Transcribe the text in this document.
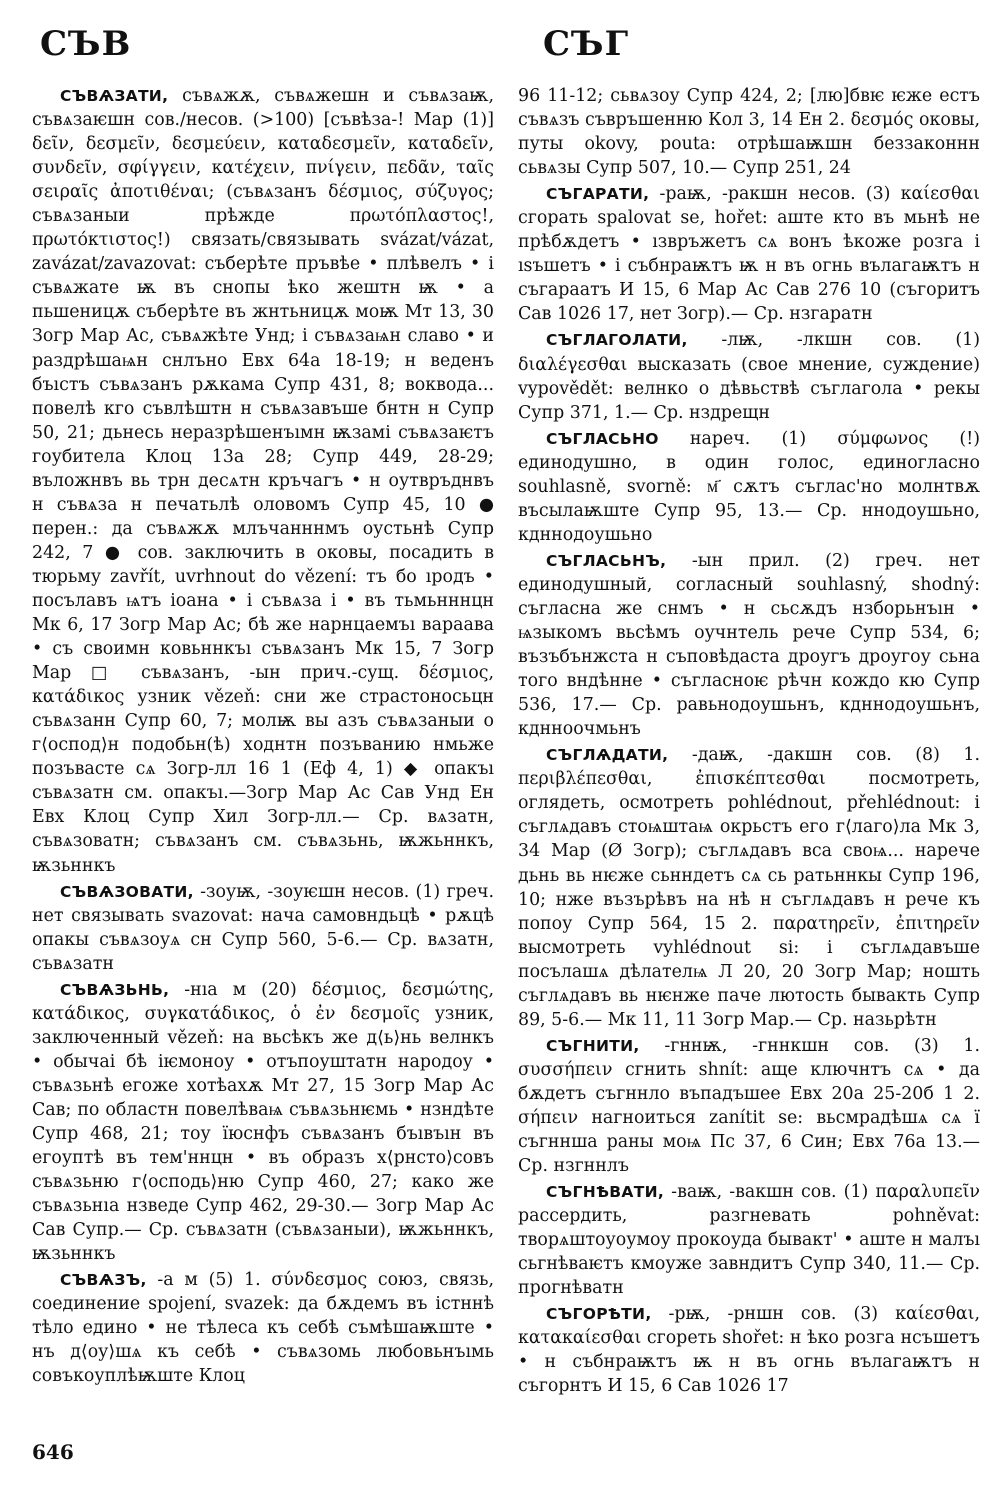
СЪВ	СЪГ

СЪВѦЗАТИ, съвѧжѫ, съвѧжешн и съвѧзаѭ, съвѧзаѥшн сов./несов. (>100) [съвѣза-! Мар (1)] δεῖν, δεσμεῖν, δεσμεύειν, καταδεσμεῖν, καταδεῖν, συνδεῖν, σφίγγειν, κατέχειν, πνίγειν, πεδᾶν, ταῖς σειραῖς ἀποτιθέναι; (съвѧзанъ δέσμιος, σύζυγος; съвѧзаныи прѣжде πρωτόπλαστος!, πρωτόκτιστος!) связать/связывать svázat/vázat, zavázat/zavazovat: съберѣте пръвѣе • плѣвелъ • і съвѧжате ѭ въ снопы ѣко жештн ѭ • а пьшеницѫ съберѣте въ жнтьницѫ моѭ Мт 13, 30 Зогр Мар Ас, съвѧжѣте Унд; і съвѧзаѩн славо • и раздрѣшаѩн снлъно Евх 64а 18-19; н веденъ бъıстъ съвѧзанъ рѫкама Супр 431, 8; вокводa... повелѣ кго съвлѣштн н съвѧзавъше бнтн н Супр 50, 21; дьнесь неразрѣшенъıмн ѭзамі съвѧзаѥтъ гоубитела Клоц 13а 28; Супр 449, 28-29; въложнвъ вь трн десѧтн кръчагъ • н оутвръднвъ н съвѧза н печатьлѣ оловомъ Супр 45, 10 ● перен.: да съвѧжѫ млъчанннмъ оустьнѣ Супр 242, 7 ● сов. заключить в оковы, посадить в тюрьму zavřít, uvrhnout do vězení: тъ бо ıродъ • посълавъ ѩтъ іоана • і съвѧза і • въ тьмьнннцн Мк 6, 17 Зогр Мар Ас; бѣ же нарнцаемъı вараава • съ своимн ковьннкъı съвѧзанъ Мк 15, 7 Зогр Мар □ съвѧзанъ, -ын прич.-сущ. δέσμιος, κατάδικος узник vězeň: сни же страстоносьцн съвѧзанн Супр 60, 7; молѭ вы азъ съвѧзаныи о г⟨оспод⟩н подобьн(ѣ) ходнтн позъванию нмьже позъвасте сѧ Зогр-лл 16 1 (Еф 4, 1) ◆ опакъı съвѧзатн см. опакъı.—Зогр Мар Ас Сав Унд Ен Евх Клоц Супр Хил Зогр-лл.— Ср. вѧзатн, съвѧзоватн; съвѧзанъ см. съвѧзьнь, ѭжьннкъ, ѭзьннкъ

СЪВѦЗОВАТИ, -зоуѭ, -зоуѥшн несов. (1) греч. нет связывать svazovat: нача самовндьцѣ • рѫцѣ опакы съвѧзоуѧ сн Супр 560, 5-6.— Ср. вѧзатн, съвѧзатн

СЪВѦЗЬНЬ, -нıа м (20) δέσμιος, δεσμώτης, κατάδικος, συγκατάδικος, ὁ ἐν δεσμοῖς узник, заключенный vězeň: на вьсѣкъ же д⟨ь⟩нь велнкъ • обычаі бѣ іѥмоноу • отъпоуштатн народоу • съвѧзьнѣ егоже хотѣахѫ Мт 27, 15 Зогр Мар Ас Сав; по областн повелѣваѩ съвѧзьнѥмь • нзндѣте Супр 468, 21; тоу ïюснфъ съвѧзанъ бъıвъıн въ егоуптѣ въ тем'ннцн • въ образъ х⟨рнсто⟩совъ съвѧзьню г⟨осподь⟩ню Супр 460, 27; како же съвѧзьнıа нзведе Супр 462, 29-30.— Зогр Мар Ас Сав Супр.— Ср. съвѧзатн (съвѧзаныи), ѭжьннкъ, ѭзьннкъ

СЪВѦЗЪ, -а м (5) 1. σύνδεσμος союз, связь, соединение spojení, svazek: да бѫдемъ въ істннѣ тѣло едино • не тѣлеса къ себѣ съмѣшаѭште • нъ д⟨оу⟩шѧ къ себѣ • съвѧзомь любовьнъıмь совъкоуплѣѭште Клоц

96 11-12; сьвѧзоу Супр 424, 2; [лю]бвѥ ѥже естъ съвѧзъ съвръшенню Кол 3, 14 Ен 2. δεσμός оковы, путы okovy, pouta: отрѣшаѭшн беззаконнн сьвѧзы Супр 507, 10.— Супр 251, 24

СЪГАРАТИ, -раѭ, -ракшн несов. (3) καίεσθαι сгорать spalovat se, hořet: аште кто въ мьнѣ не прѣбѫдетъ • ıзвръжетъ сѧ вонъ ѣкоже розга і ısъшетъ • і събнраѭтъ ѭ н въ огнь вълагаѭтъ н съгараатъ И 15, 6 Мар Ас Сав 276 10 (съгоритъ Сав 1026 17, нет Зогр).— Ср. нзгаратн

СЪГЛАГОЛАТИ, -лѭ, -лкшн сов. (1) διαλέγεσθαι высказать (свое мнение, суждение) vypovědět: велнко о дѣвьствѣ съглагола • рекы Супр 371, 1.— Ср. нздрещн

СЪГЛАСЬНО нареч. (1) σύμφωνος (!) единодушно, в один голос, единогласно souhlasně, svorně: м҃ сѫтъ съглас'но молнтвѫ въсылаѭште Супр 95, 13.— Ср. ннодоушьно, кдннодоушьно

СЪГЛАСЬНЪ, -ын прил. (2) греч. нет единодушный, согласный souhlasný, shodný: съгласна же снмъ • н сьсѫдъ нзборьнъıн • ѩзыкомъ вьсѣмъ оучнтель рече Супр 534, 6; възъбънжста н съповѣдаста дроугъ дроугоу сьна того вндѣнне • съгласноѥ рѣчн кождо кю Супр 536, 17.— Ср. равьнодоушьнъ, кдннодоушьнъ, кднноочмьнъ

СЪГЛѦДАТИ, -даѭ, -дакшн сов. (8) 1. περιβλέπεσθαι, ἐπισκέπτεσθαι посмотреть, оглядеть, осмотреть pohlédnout, přehlédnout: і съглѧдавъ стоѩштаѩ окрьстъ его г⟨лаго⟩ла Мк 3, 34 Мар (Ø Зогр); съглѧдавъ вса своѩ... нарече дьнь вь нѥже сьнндетъ сѧ сь ратьннкы Супр 196, 10; нже възърѣвъ на нѣ н съглѧдавъ н рече къ попоу Супр 564, 15 2. παρατηρεῖν, ἐπιτηρεῖν высмотреть vyhlédnout si: і съглѧдавъше посълашѧ дѣлателѩ Л 20, 20 Зогр Мар; ношть съглѧдавъ вь нѥнже паче лютость бывакть Супр 89, 5-6.— Мк 11, 11 Зогр Мар.— Ср. назьрѣтн

СЪГНИТИ, -гннѭ, -гннкшн сов. (3) 1. συσσήπειν сгнить shnít: аще ключнтъ сѧ • да бѫдетъ съгннло въпадъшее Евх 20а 25-20б 1 2. σήπειν нагноиться zanítit se: вьсмрадѣшѧ сѧ ї съгннша раны моѩ Пс 37, 6 Син; Евх 76а 13.— Ср. нзгннлъ

СЪГНѢВАТИ, -ваѭ, -вакшн сов. (1) παραλυπεῖν рассердить, разгневать pohněvat: творѧштоуоумоу прокоуда бывакт' • аште н малъı сьгнѣваѥтъ кмоуже завндитъ Супр 340, 11.— Ср. прогнѣватн

СЪГОРѢТИ, -рѭ, -рншн сов. (3) καίεσθαι, κατακαίεσθαι сгореть shořet: н ѣко розга нсъшетъ • н събнраѭтъ ѭ н въ огнь вълагаѭтъ н съгорнтъ И 15, 6 Сав 1026 17

646
